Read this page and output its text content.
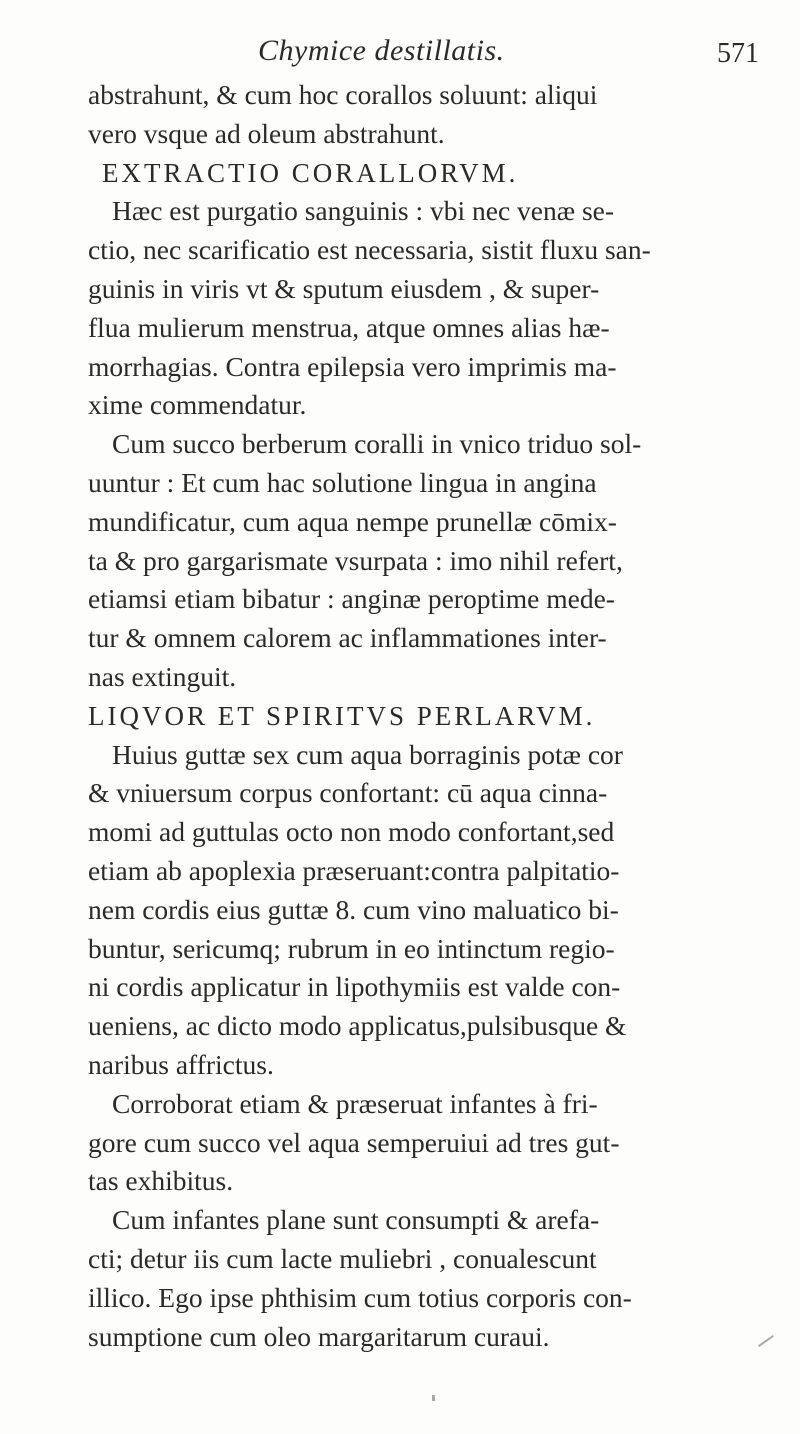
Chymice destillatis.	571
abstrahunt, & cum hoc corallos soluunt: aliqui
vero vsque ad oleum abstrahunt.
EXTRACTIO CORALLORVM.
Hæc est purgatio sanguinis : vbi nec venæ se-
ctio, nec scarificatio est necessaria, sistit fluxu san-
guinis in viris vt & sputum eiusdem , & super-
flua mulierum menstrua, atque omnes alias hæ-
morrhagias. Contra epilepsia vero imprimis ma-
xime commendatur.
Cum succo berberum coralli in vnico triduo sol-
uuntur : Et cum hac solutione lingua in angina
mundificatur, cum aqua nempe prunellæ cōmix-
ta & pro gargarismate vsurpata : imo nihil refert,
etiamsi etiam bibatur : anginæ peroptime mede-
tur & omnem calorem ac inflammationes inter-
nas extinguit.
LIQVOR ET SPIRITVS PERLARVM.
Huius guttæ sex cum aqua borraginis potæ cor
& vniuersum corpus confortant: cū aqua cinna-
momi ad guttulas octo non modo confortant,sed
etiam ab apoplexia præseruant:contra palpitatio-
nem cordis eius guttæ 8. cum vino maluatico bi-
buntur, sericumq; rubrum in eo intinctum regio-
ni cordis applicatur in lipothymiis est valde con-
ueniens, ac dicto modo applicatus,pulsibusque &
naribus affrictus.
Corroborat etiam & præseruat infantes à fri-
gore cum succo vel aqua semperuiui ad tres gut-
tas exhibitus.
Cum infantes plane sunt consumpti & arefa-
cti; detur iis cum lacte muliebri , conualescunt
illico. Ego ipse phthisim cum totius corporis con-
sumptione cum oleo margaritarum curaui.
